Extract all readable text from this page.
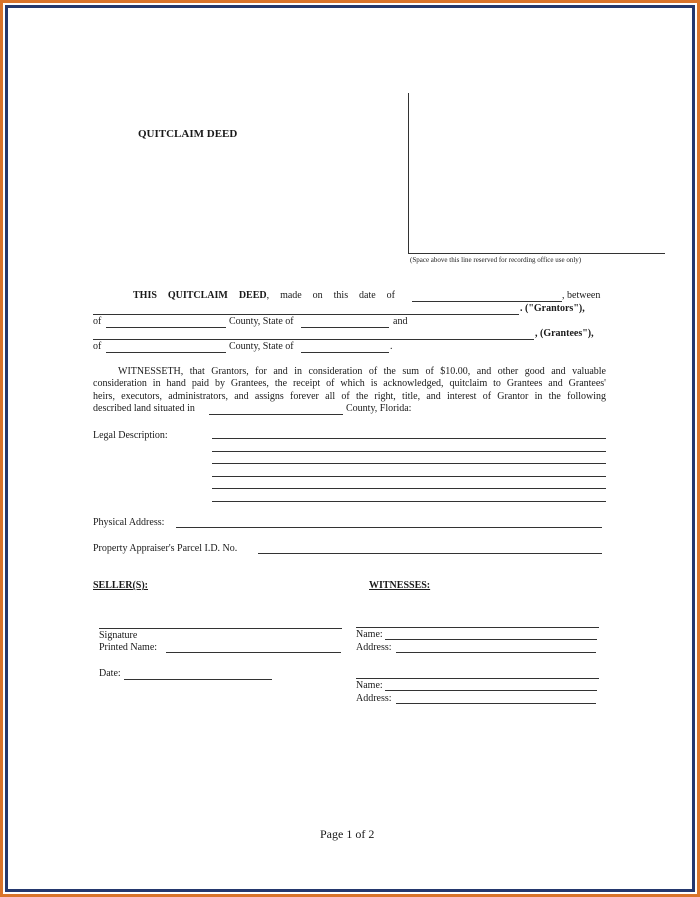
QUITCLAIM DEED
(Space above this line reserved for recording office use only)
THIS QUITCLAIM DEED, made on this date of	, between
. ("Grantors"),
of	County, State of	and
, (Grantees"),
of	County, State of	.
WITNESSETH, that Grantors, for and in consideration of the sum of $10.00, and other good and valuable
consideration in hand paid by Grantees, the receipt of which is acknowledged, quitclaim to Grantees and Grantees'
heirs, executors, administrators, and assigns forever all of the right, title, and interest of Grantor in the following
described land situated in	County, Florida:
Legal Description:
Physical Address:
Property Appraiser's Parcel I.D. No.
SELLER(S):	WITNESSES:
Signature
Printed Name:
Date:
Name:
Address:
Name:
Address:
Page 1 of 2
